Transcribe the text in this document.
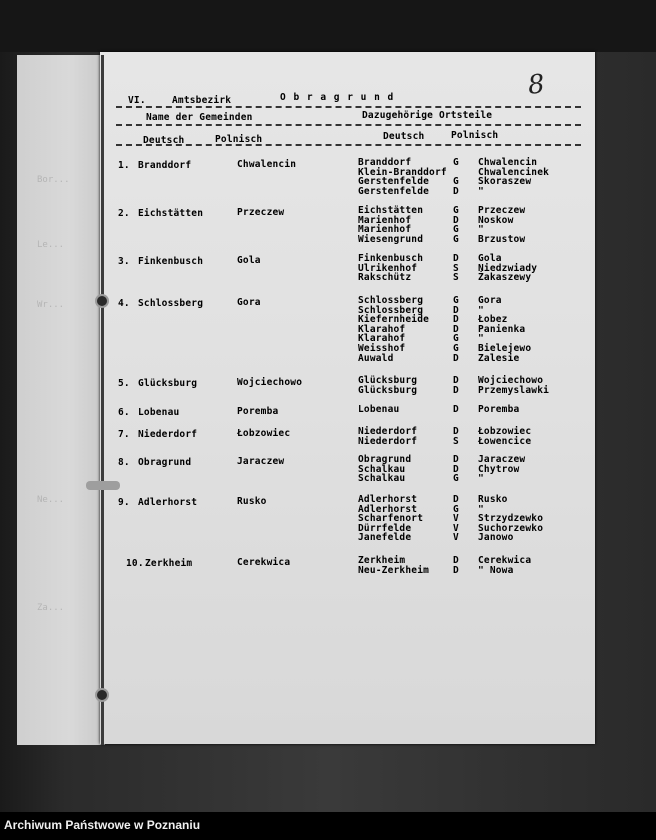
Bor...
Le...
Wr...
Ne...
Za...
8
VI.	Amtsbezirk	O b r a g r u n d
Name der Gemeinden	Dazugehörige Ortsteile
Deutsch	Polnisch	Deutsch	Polnisch
1. Branddorf	Chwalencin	Branddorf	G Chwalencin
Klein-Branddorf	Chwalencinek
Gerstenfelde	G Skoraszew
Gerstenfelde	D "
2. Eichstätten	Przeczew	Eichstätten	G Przeczew
Marienhof	D Noskow
Marienhof	G "
Wiesengrund	G Brzustow
3. Finkenbusch	Gola	Finkenbusch	D Gola
Ulrikenhof	S Niedzwiady
Rakschütz	S Żakaszewy
4. Schlossberg	Gora	Schlossberg	G Gora
Schlossberg	D "
Kiefernheide	D Łobez
Klarahof	D Panienka
Klarahof	G "
Weisshof	G Bielejewo
Auwald	D Zalesie
5. Glücksburg	Wojciechowo	Glücksburg	D Wojciechowo
Glücksburg	D Przemyslawki
6. Lobenau	Poremba	Lobenau	D Poremba
7. Niederdorf	Łobzowiec	Niederdorf	D Łobzowiec
Niederdorf	S Łowencice
8. Obragrund	Jaraczew	Obragrund	D Jaraczew
Schalkau	D Chytrow
Schalkau	G "
9. Adlerhorst	Rusko	Adlerhorst	D Rusko
Adlerhorst	G "
Scharfenort	V Strzydzewko
Dürrfelde	V Suchorzewko
Janefelde	V Janowo
10. Zerkheim	Cerekwica	Zerkheim	D Cerekwica
Neu-Zerkheim	D " Nowa
Archiwum Państwowe w Poznaniu
